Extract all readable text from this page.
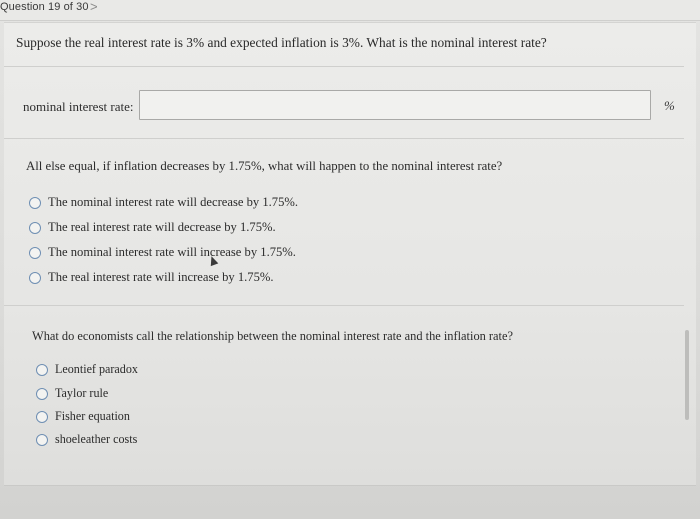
Question 19 of 30 >
Suppose the real interest rate is 3% and expected inflation is 3%. What is the nominal interest rate?
nominal interest rate:	%
All else equal, if inflation decreases by 1.75%, what will happen to the nominal interest rate?
The nominal interest rate will decrease by 1.75%.
The real interest rate will decrease by 1.75%.
The nominal interest rate will increase by 1.75%.
The real interest rate will increase by 1.75%.
What do economists call the relationship between the nominal interest rate and the inflation rate?
Leontief paradox
Taylor rule
Fisher equation
shoeleather costs
